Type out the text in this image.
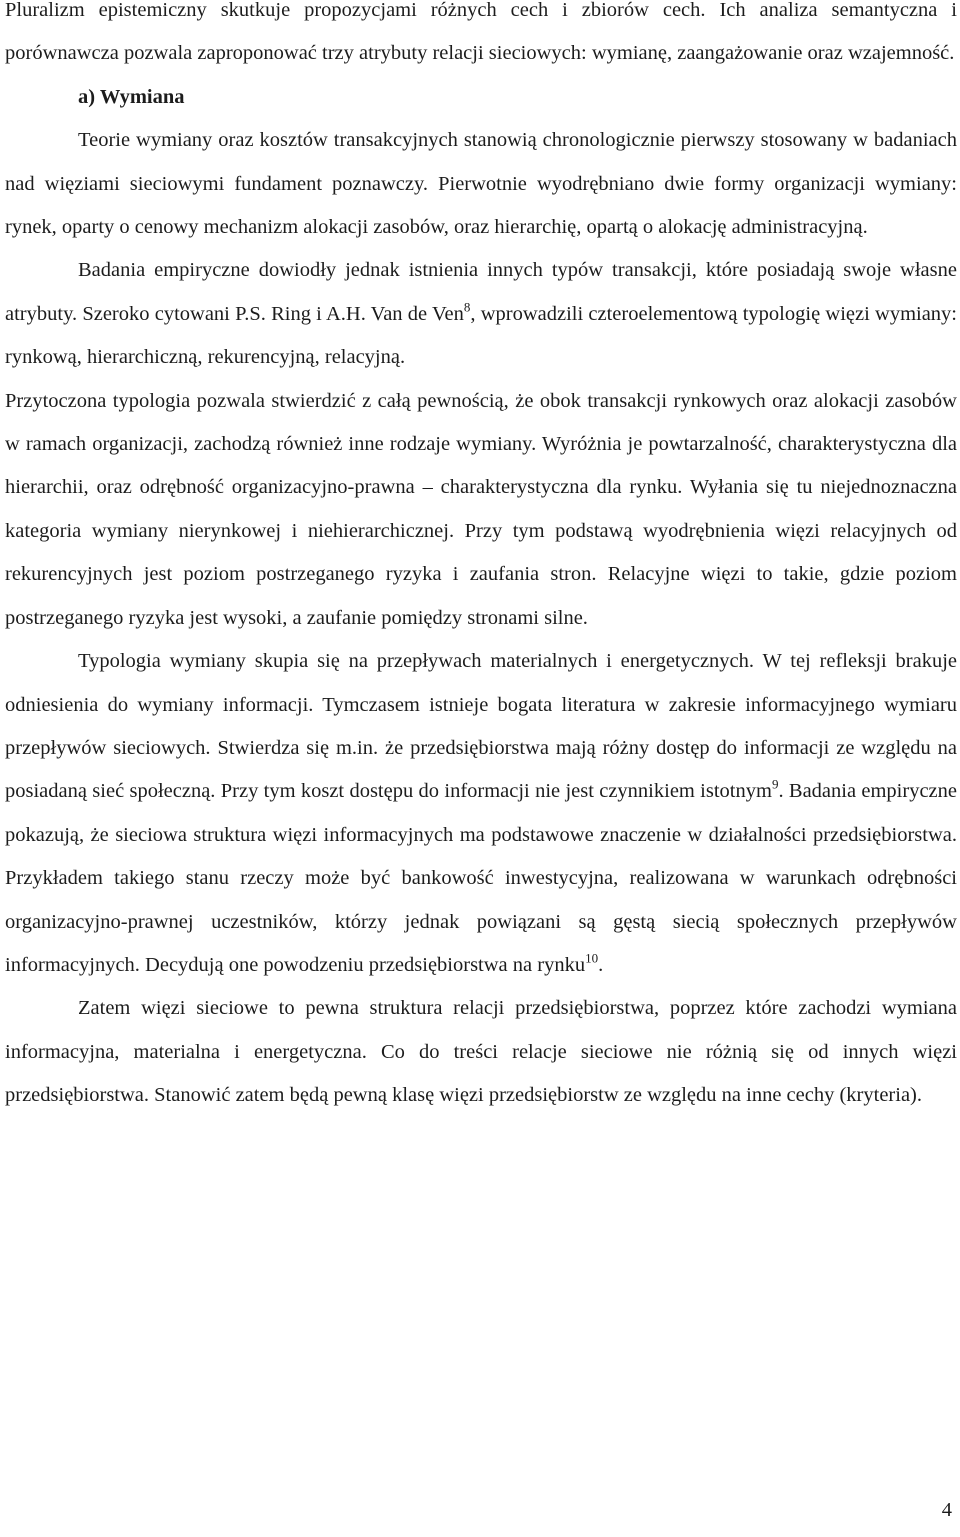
Pluralizm epistemiczny skutkuje propozycjami różnych cech i zbiorów cech. Ich analiza semantyczna i porównawcza pozwala zaproponować trzy atrybuty relacji sieciowych: wymianę, zaangażowanie oraz wzajemność.

a) Wymiana

Teorie wymiany oraz kosztów transakcyjnych stanowią chronologicznie pierwszy stosowany w badaniach nad więziami sieciowymi fundament poznawczy. Pierwotnie wyodrębniano dwie formy organizacji wymiany: rynek, oparty o cenowy mechanizm alokacji zasobów, oraz hierarchię, opartą o alokację administracyjną.

Badania empiryczne dowiodły jednak istnienia innych typów transakcji, które posiadają swoje własne atrybuty. Szeroko cytowani P.S. Ring i A.H. Van de Ven$^8$, wprowadzili czteroelementową typologię więzi wymiany: rynkową, hierarchiczną, rekurencyjną, relacyjną.

Przytoczona typologia pozwala stwierdzić z całą pewnością, że obok transakcji rynkowych oraz alokacji zasobów w ramach organizacji, zachodzą również inne rodzaje wymiany. Wyróżnia je powtarzalność, charakterystyczna dla hierarchii, oraz odrębność organizacyjno-prawna – charakterystyczna dla rynku. Wyłania się tu niejednoznaczna kategoria wymiany nierynkowej i niehierarchicznej. Przy tym podstawą wyodrębnienia więzi relacyjnych od rekurencyjnych jest poziom postrzeganego ryzyka i zaufania stron. Relacyjne więzi to takie, gdzie poziom postrzeganego ryzyka jest wysoki, a zaufanie pomiędzy stronami silne.

Typologia wymiany skupia się na przepływach materialnych i energetycznych. W tej refleksji brakuje odniesienia do wymiany informacji. Tymczasem istnieje bogata literatura w zakresie informacyjnego wymiaru przepływów sieciowych. Stwierdza się m.in. że przedsiębiorstwa mają różny dostęp do informacji ze względu na posiadaną sieć społeczną. Przy tym koszt dostępu do informacji nie jest czynnikiem istotnym$^9$. Badania empiryczne pokazują, że sieciowa struktura więzi informacyjnych ma podstawowe znaczenie w działalności przedsiębiorstwa. Przykładem takiego stanu rzeczy może być bankowość inwestycyjna, realizowana w warunkach odrębności organizacyjno-prawnej uczestników, którzy jednak powiązani są gęstą siecią społecznych przepływów informacyjnych. Decydują one powodzeniu przedsiębiorstwa na rynku$^{10}$.

Zatem więzi sieciowe to pewna struktura relacji przedsiębiorstwa, poprzez które zachodzi wymiana informacyjna, materialna i energetyczna. Co do treści relacje sieciowe nie różnią się od innych więzi przedsiębiorstwa. Stanowić zatem będą pewną klasę więzi przedsiębiorstw ze względu na inne cechy (kryteria).

4
